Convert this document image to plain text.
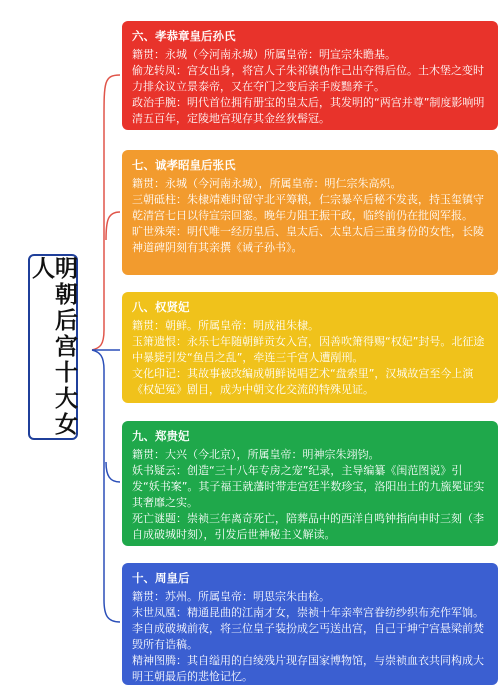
明朝后宫十大女人
六、孝恭章皇后孙氏

籍贯：永城（今河南永城）所属皇帝：明宣宗朱瞻基。

偷龙转凤：宫女出身，将宫人子朱祁镇伪作己出夺得后位。土木堡之变时力排众议立景泰帝，又在夺门之变后亲手废黜养子。

政治手腕：明代首位拥有册宝的皇太后，其发明的“两宫并尊”制度影响明清五百年，定陵地宫现存其金丝狄髻冠。

七、诚孝昭皇后张氏

籍贯：永城（今河南永城），所属皇帝：明仁宗朱高炽。

三朝砥柱：朱棣靖难时留守北平筹粮，仁宗暴卒后秘不发丧，持玉玺镇守乾清宫七日以待宣宗回銮。晚年力阻王振干政，临终前仍在批阅军报。

旷世殊荣：明代唯一经历皇后、皇太后、太皇太后三重身份的女性，长陵神道碑阴刻有其亲撰《诫子孙书》。

八、权贤妃

籍贯：朝鲜。所属皇帝：明成祖朱棣。

玉箫遗恨：永乐七年随朝鲜贡女入宫，因善吹箫得赐“权妃”封号。北征途中暴毙引发“鱼吕之乱”，牵连三千宫人遭剐刑。

文化印记：其故事被改编成朝鲜说唱艺术“盘索里”，汉城故宫至今上演《权妃冤》剧目，成为中朝文化交流的特殊见证。

九、郑贵妃

籍贯：大兴（今北京），所属皇帝：明神宗朱翊钧。

妖书疑云：创造“三十八年专房之宠”纪录，主导编纂《闺范图说》引发“妖书案”。其子福王就藩时带走宫廷半数珍宝，洛阳出土的九旒冕证实其奢靡之实。

死亡谜题：崇祯三年离奇死亡，陪葬品中的西洋自鸣钟指向申时三刻（李自成破城时刻），引发后世神秘主义解读。

十、周皇后

籍贯：苏州。所属皇帝：明思宗朱由检。

末世凤凰：精通昆曲的江南才女，崇祯十年亲率宫眷纺纱织布充作军饷。李自成破城前夜，将三位皇子装扮成乞丐送出宫，自己于坤宁宫悬梁前焚毁所有诰稿。

精神图腾：其自缢用的白绫残片现存国家博物馆，与崇祯血衣共同构成大明王朝最后的悲怆记忆。
